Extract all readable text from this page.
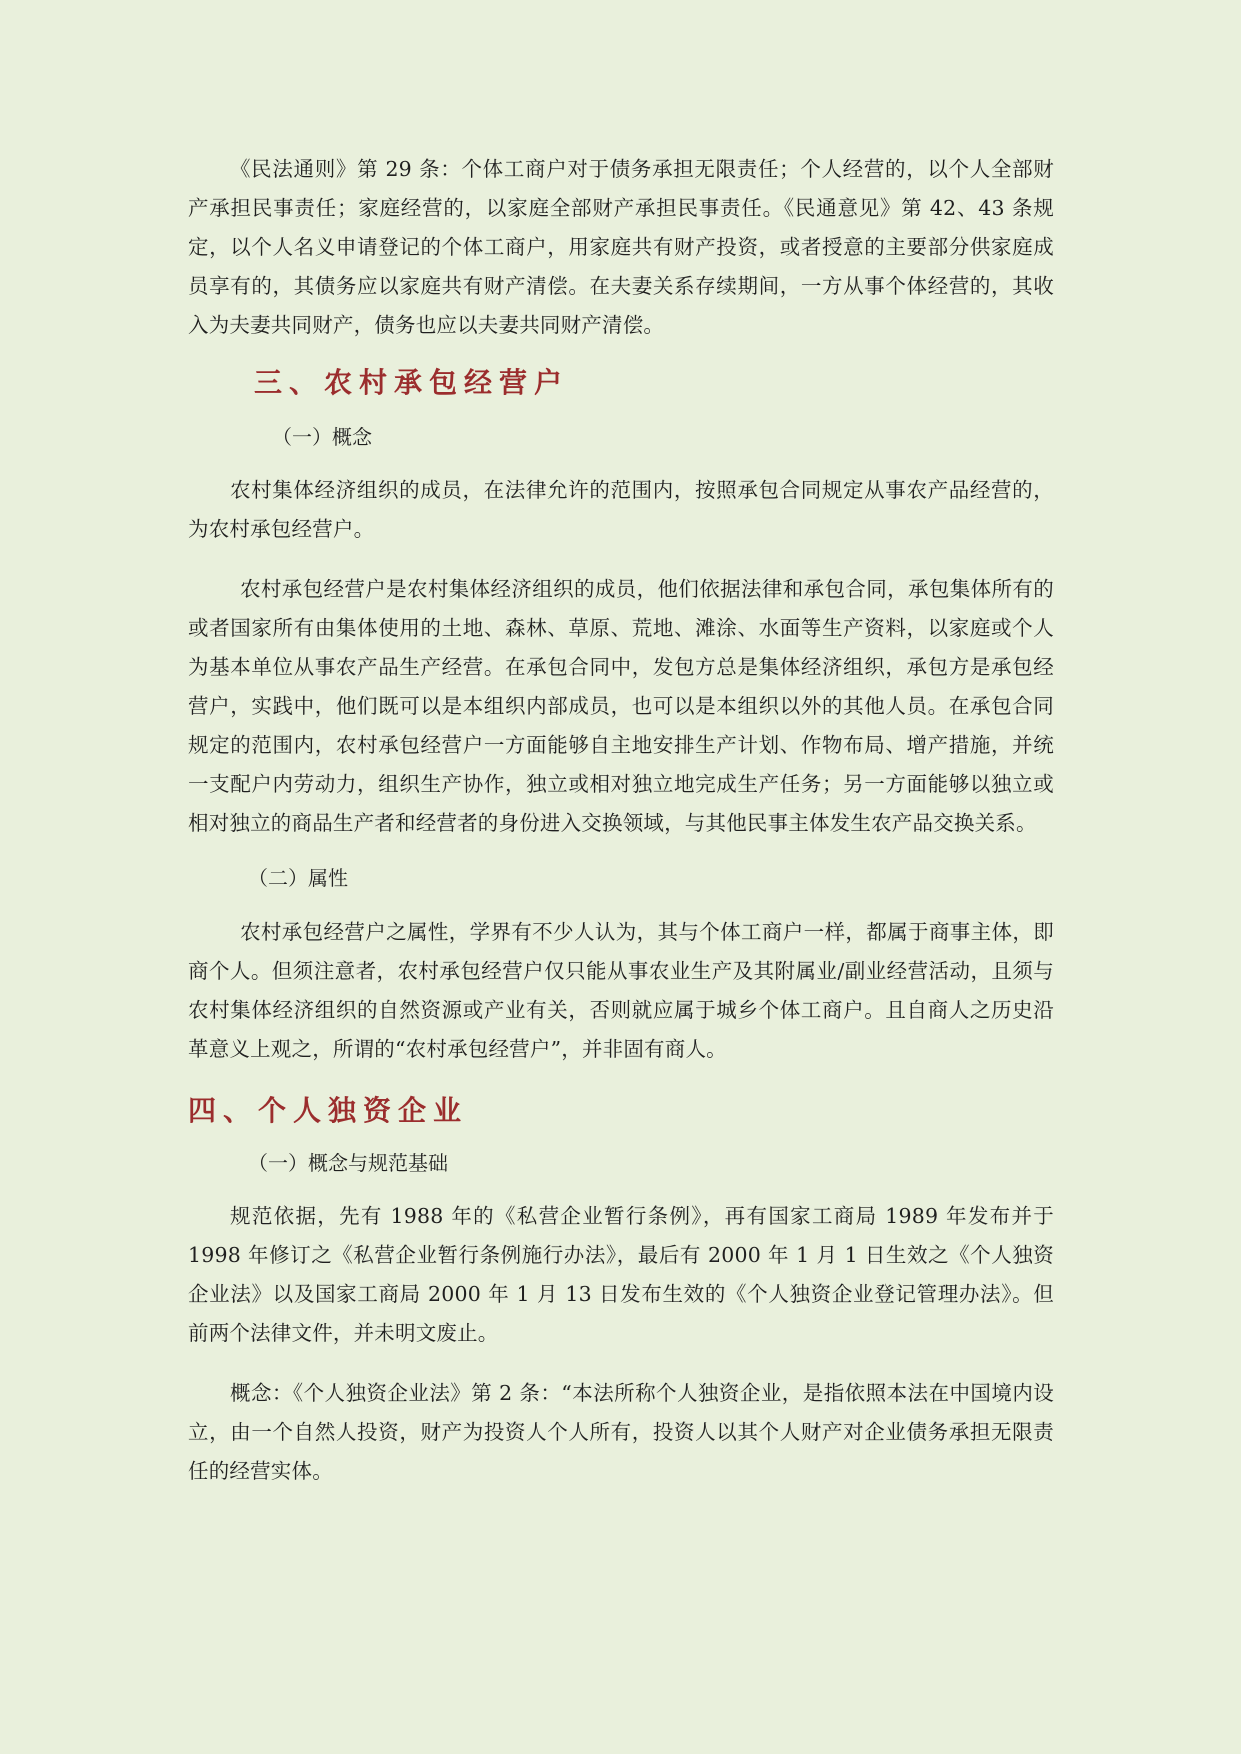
《民法通则》第 29 条：个体工商户对于债务承担无限责任；个人经营的，以个人全部财产承担民事责任；家庭经营的，以家庭全部财产承担民事责任。《民通意见》第 42、43 条规定，以个人名义申请登记的个体工商户，用家庭共有财产投资，或者授意的主要部分供家庭成员享有的，其债务应以家庭共有财产清偿。在夫妻关系存续期间，一方从事个体经营的，其收入为夫妻共同财产，债务也应以夫妻共同财产清偿。

三、农村承包经营户

（一）概念

农村集体经济组织的成员，在法律允许的范围内，按照承包合同规定从事农产品经营的，为农村承包经营户。

农村承包经营户是农村集体经济组织的成员，他们依据法律和承包合同，承包集体所有的或者国家所有由集体使用的土地、森林、草原、荒地、滩涂、水面等生产资料，以家庭或个人为基本单位从事农产品生产经营。在承包合同中，发包方总是集体经济组织，承包方是承包经营户，实践中，他们既可以是本组织内部成员，也可以是本组织以外的其他人员。在承包合同规定的范围内，农村承包经营户一方面能够自主地安排生产计划、作物布局、增产措施，并统一支配户内劳动力，组织生产协作，独立或相对独立地完成生产任务；另一方面能够以独立或相对独立的商品生产者和经营者的身份进入交换领域，与其他民事主体发生农产品交换关系。

（二）属性

农村承包经营户之属性，学界有不少人认为，其与个体工商户一样，都属于商事主体，即商个人。但须注意者，农村承包经营户仅只能从事农业生产及其附属业/副业经营活动，且须与农村集体经济组织的自然资源或产业有关，否则就应属于城乡个体工商户。且自商人之历史沿革意义上观之，所谓的“农村承包经营户”，并非固有商人。

四、个人独资企业

（一）概念与规范基础

规范依据，先有 1988 年的《私营企业暂行条例》，再有国家工商局 1989 年发布并于 1998 年修订之《私营企业暂行条例施行办法》，最后有 2000 年 1 月 1 日生效之《个人独资企业法》以及国家工商局 2000 年 1 月 13 日发布生效的《个人独资企业登记管理办法》。但前两个法律文件，并未明文废止。

概念：《个人独资企业法》第 2 条：“本法所称个人独资企业，是指依照本法在中国境内设立，由一个自然人投资，财产为投资人个人所有，投资人以其个人财产对企业债务承担无限责任的经营实体。
